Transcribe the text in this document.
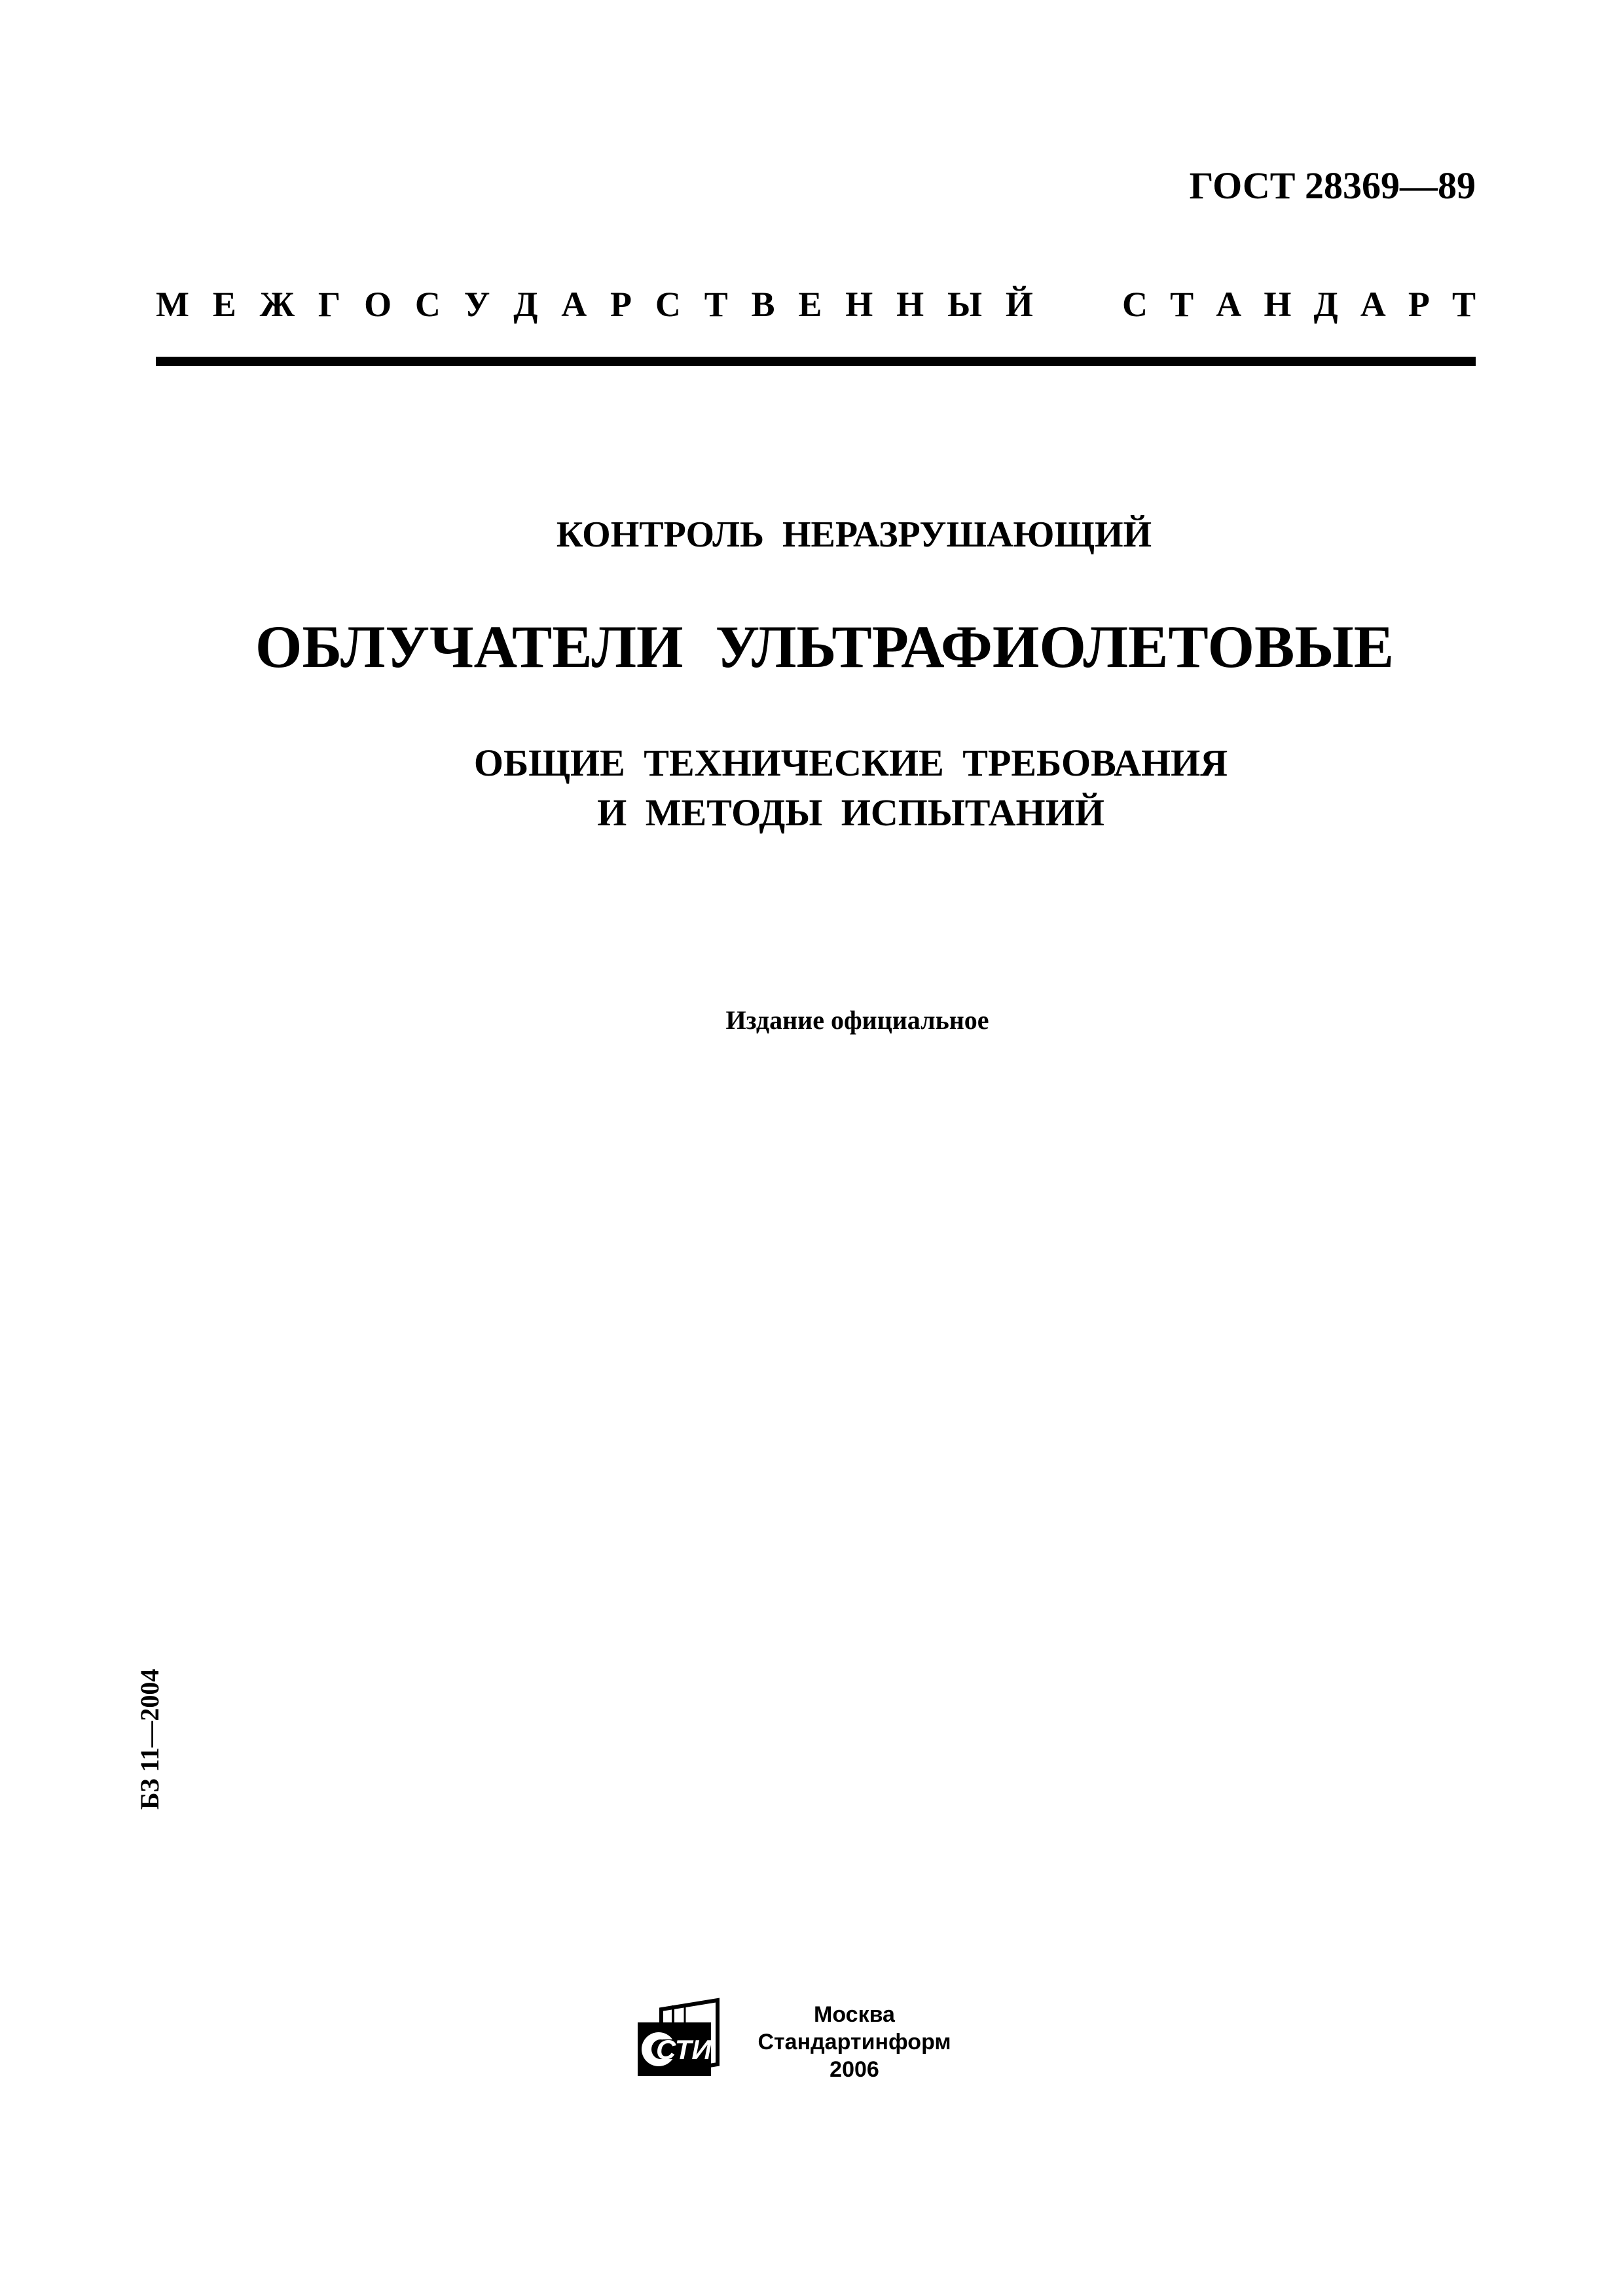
ГОСТ 28369—89
М Е Ж Г О С У Д А Р С Т В Е Н Н Ы Й	С Т А Н Д А Р Т
КОНТРОЛЬ НЕРАЗРУШАЮЩИЙ
ОБЛУЧАТЕЛИ УЛЬТРАФИОЛЕТОВЫЕ
ОБЩИЕ ТЕХНИЧЕСКИЕ ТРЕБОВАНИЯ
И МЕТОДЫ ИСПЫТАНИЙ
Издание официальное
БЗ 11—2004
СТИ
Москва
Стандартинформ
2006
